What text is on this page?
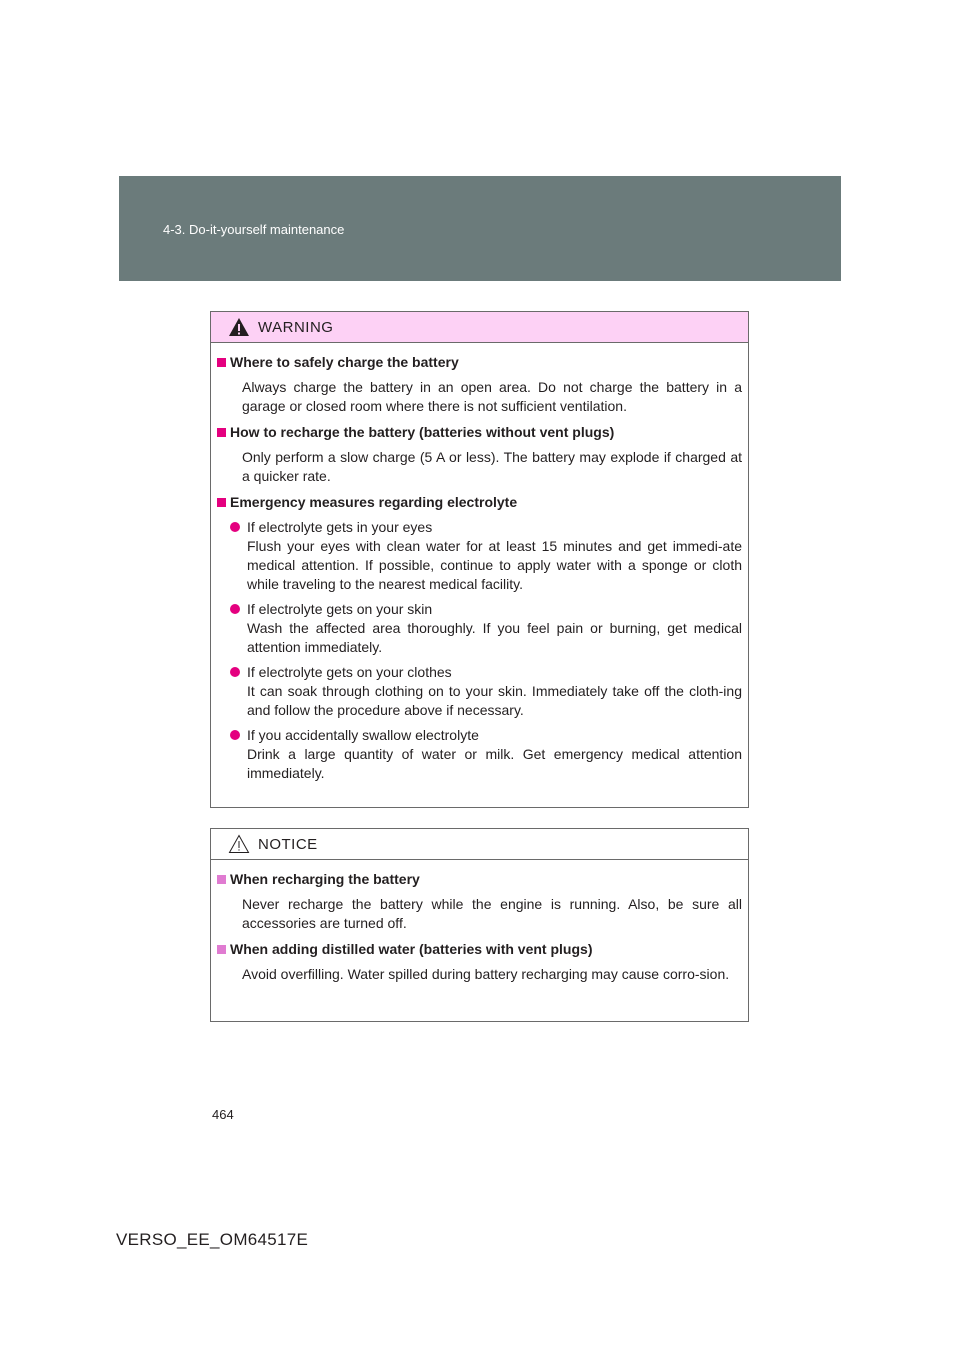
4-3. Do-it-yourself maintenance
WARNING
Where to safely charge the battery

Always charge the battery in an open area. Do not charge the battery in a garage or closed room where there is not sufficient ventilation.

How to recharge the battery (batteries without vent plugs)

Only perform a slow charge (5 A or less). The battery may explode if charged at a quicker rate.

Emergency measures regarding electrolyte
If electrolyte gets in your eyes
Flush your eyes with clean water for at least 15 minutes and get immedi-ate medical attention. If possible, continue to apply water with a sponge or cloth while traveling to the nearest medical facility.
If electrolyte gets on your skin
Wash the affected area thoroughly. If you feel pain or burning, get medical attention immediately.
If electrolyte gets on your clothes
It can soak through clothing on to your skin. Immediately take off the cloth-ing and follow the procedure above if necessary.
If you accidentally swallow electrolyte
Drink a large quantity of water or milk. Get emergency medical attention immediately.
NOTICE
When recharging the battery

Never recharge the battery while the engine is running. Also, be sure all accessories are turned off.

When adding distilled water (batteries with vent plugs)

Avoid overfilling. Water spilled during battery recharging may cause corro-sion.

464
VERSO_EE_OM64517E
